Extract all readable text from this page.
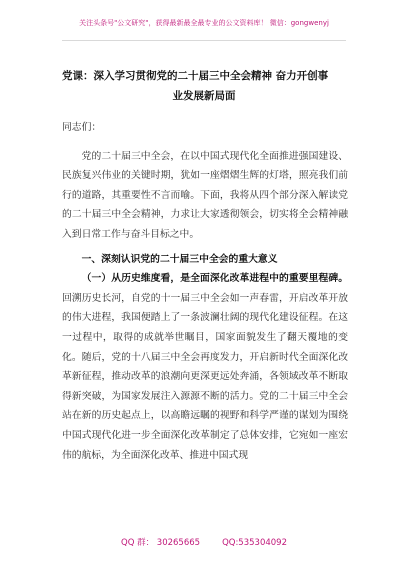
关注头条号"公文研究"，获得最新最全最专业的公文资料库！ 微信：gongwenyj
党课：深入学习贯彻党的二十届三中全会精神 奋力开创事
业发展新局面

同志们：

党的二十届三中全会，在以中国式现代化全面推进强国建设、民族复兴伟业的关键时期，犹如一座熠熠生辉的灯塔，照亮我们前行的道路，其重要性不言而喻。下面，我将从四个部分深入解读党的二十届三中全会精神，力求让大家透彻领会，切实将全会精神融入到日常工作与奋斗目标之中。

一、深刻认识党的二十届三中全会的重大意义

（一）从历史维度看，是全面深化改革进程中的重要里程碑。回溯历史长河，自党的十一届三中全会如一声春雷，开启改革开放的伟大进程，我国便踏上了一条波澜壮阔的现代化建设征程。在这一过程中，取得的成就举世瞩目，国家面貌发生了翻天覆地的变化。随后，党的十八届三中全会再度发力，开启新时代全面深化改革新征程，推动改革的浪潮向更深更远处奔涌，各领域改革不断取得新突破，为国家发展注入源源不断的活力。党的二十届三中全会站在新的历史起点上，以高瞻远瞩的视野和科学严谨的谋划为围绕中国式现代化进一步全面深化改革制定了总体安排，它宛如一座宏伟的航标，为全面深化改革、推进中国式现

QQ 群： 30265665	QQ:535304092
